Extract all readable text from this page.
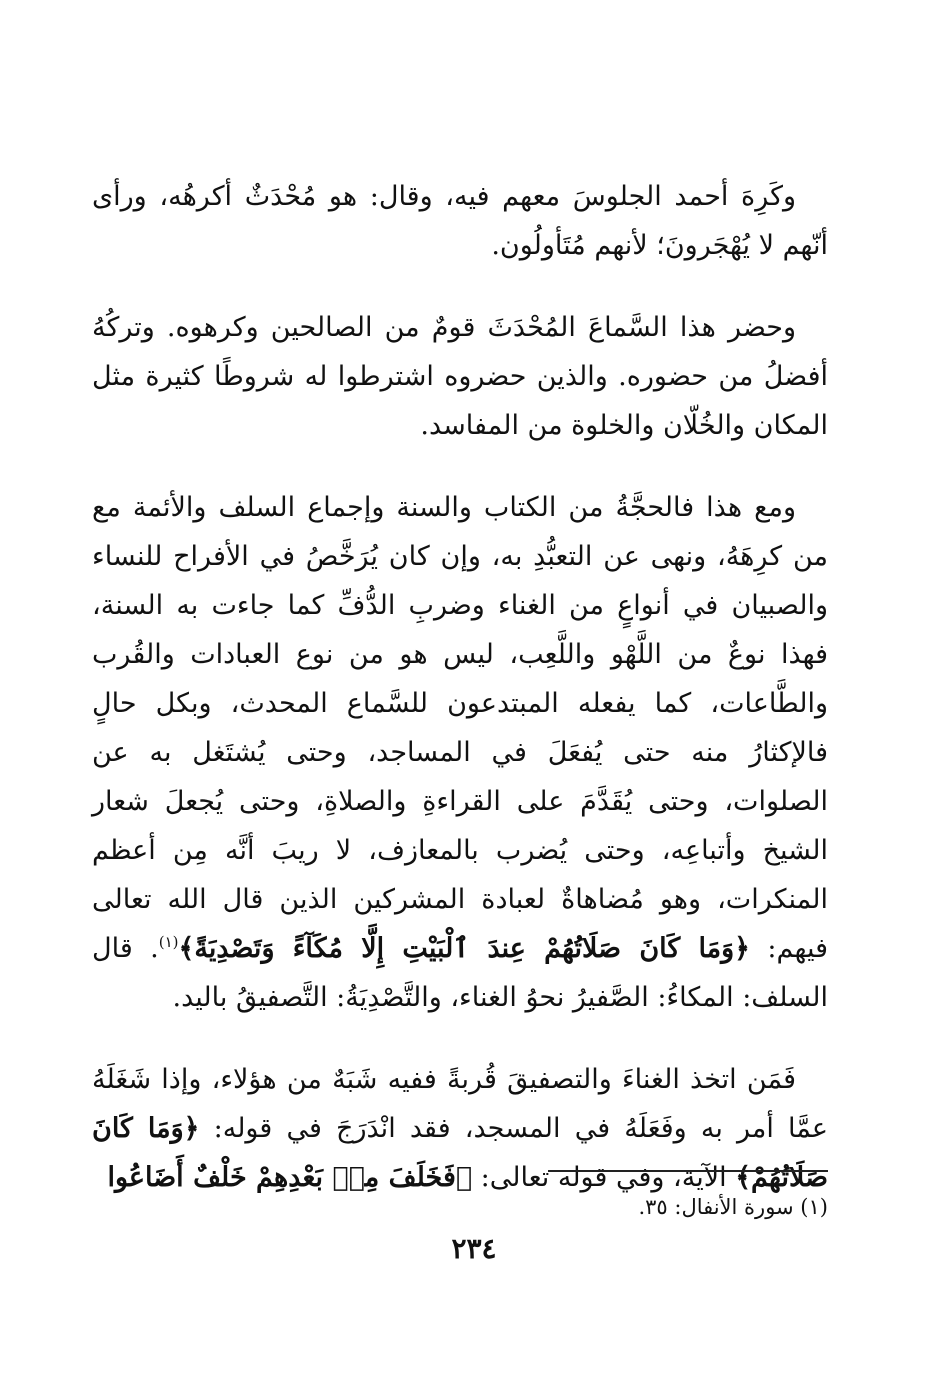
وكَرِهَ أحمد الجلوسَ معهم فيه، وقال: هو مُحْدَثٌ أكرهُه، ورأى أنّهم لا يُهْجَرونَ؛ لأنهم مُتَأولُون.

وحضر هذا السَّماعَ المُحْدَثَ قومٌ من الصالحين وكرهوه. وتركُهُ أفضلُ من حضوره. والذين حضروه اشترطوا له شروطًا كثيرة مثل المكان والخُلّان والخلوة من المفاسد.

ومع هذا فالحجَّةُ من الكتاب والسنة وإجماع السلف والأئمة مع من كرِهَهُ، ونهى عن التعبُّدِ به، وإن كان يُرَخَّصُ في الأفراح للنساء والصبيان في أنواعٍ من الغناء وضربِ الدُّفِّ كما جاءت به السنة، فهذا نوعٌ من اللَّهْو واللَّعِب، ليس هو من نوع العبادات والقُرب والطَّاعات، كما يفعله المبتدعون للسَّماع المحدث، وبكل حالٍ فالإكثارُ منه حتى يُفعَلَ في المساجد، وحتى يُشتَغل به عن الصلوات، وحتى يُقَدَّمَ على القراءةِ والصلاةِ، وحتى يُجعلَ شعار الشيخ وأتباعِه، وحتى يُضرب بالمعازف، لا ريبَ أنَّه مِن أعظم المنكرات، وهو مُضاهاةٌ لعبادة المشركين الذين قال الله تعالى فيهم: ﴿وَمَا كَانَ صَلَاتُهُمْ عِندَ ٱلْبَيْتِ إِلَّا مُكَآءً وَتَصْدِيَةً﴾$^{(١)}$. قال السلف: المكاءُ: الصَّفيرُ نحوُ الغناء، والتَّصْدِيَةُ: التَّصفيقُ باليد.

فَمَن اتخذ الغناءَ والتصفيقَ قُربةً ففيه شَبَهٌ من هؤلاء، وإذا شَغَلَهُ عمَّا أمر به وفَعَلَهُ في المسجد، فقد انْدَرَجَ في قوله: ﴿وَمَا كَانَ صَلَاتُهُمْ﴾ الآية، وفي قوله تعالى: ﴿فَخَلَفَ مِنۢ بَعْدِهِمْ خَلْفٌ أَضَاعُوا

(١) سورة الأنفال: ٣٥.
٢٣٤
